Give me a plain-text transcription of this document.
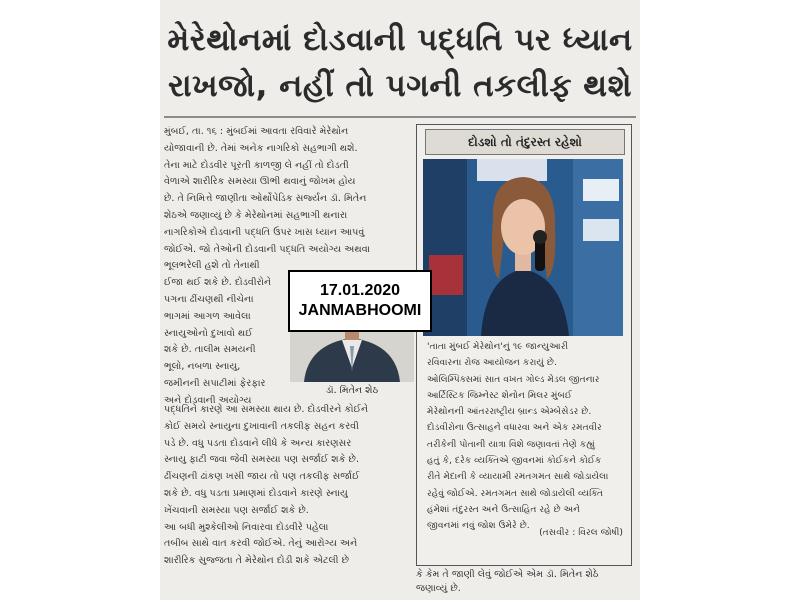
મેરેથોનમાં દોડવાની પદ્ધતિ પર ધ્યાન
રાખજો, નહીં તો પગની તકલીફ થશે
મુંબઈ, તા. ૧૬ : મુંબઈમાં આવતા રવિવારે મેરેથોન
યોજાવાની છે. તેમાં અનેક નાગરિકો સહભાગી થશે.
તેના માટે દોડવીર પૂરતી કાળજી લે નહીં તો દોડતી
વેળાએ શારીરિક સમસ્યા ઊભી થવાનું જોખમ હોય
છે. તે નિમિત્તે જાણીતા ઓર્થોપેડિક સર્જ્યન ડૉ. મિતેન
શેઠએ જણાવ્યું છે કે મેરેથોનમાં સહભાગી થનારા
નાગરિકોએ દોડવાની પદ્ધતિ ઉપર ખાસ ધ્યાન આપવું
જોઈએ. જો તેઓની દોડવાની પદ્ધતિ અયોગ્ય અથવા
ભૂલભરેલી હશે તો તેનાથી
ઈજા થઈ શકે છે. દોડવીરોને
પગના ઢીંચણથી નીચેના
ભાગમાં આગળ આવેલા
સ્નાયુઓનો દુખાવો થઈ
શકે છે. તાલીમ સમયની
ભૂલો, નબળા સ્નાયુ,
જમીનની સપાટીમાં ફેરફાર
અને દોડવાની અયોગ્ય
ડૉ. મિતેન શેઠ
પદ્ધતિને કારણે આ સમસ્યા થાય છે. દોડવીરને કોઈને
કોઈ સમયે સ્નાયુના દુખાવાની તકલીફ સહન કરવી
પડે છે. વધુ પડતા દોડવાને લીધે કે અન્ય કારણસર
સ્નાયુ ફાટી જવા જેવી સમસ્યા પણ સર્જાઈ શકે છે.
ઢીંચણની ઢાંકણ ખસી જાય તો પણ તકલીફ સર્જાઈ
શકે છે. વધુ પડતા પ્રમાણમાં દોડવાને કારણે સ્નાયુ
ખેંચવાની સમસ્યા પણ સર્જાઈ શકે છે.
આ બધી મુશ્કેલીઓ નિવારવા દોડવીરે પહેલા
તબીબ સાથે વાત કરવી જોઈએ. તેનું આરોગ્ય અને
શારીરિક સુજ્જતા તે મેરેથોન દોડી શકે એટલી છે
દોડશો તો તંદુરસ્ત રહેશો
'તાતા મુંબઈ મેરેથોન'નું ૧૯ જાન્યુઆરી
રવિવારના રોજ આયોજન કરાયું છે.
ઓલિમ્પિક્સમાં સાત વખત ગોલ્ડ મેડલ જીતનાર
આર્ટિસ્ટિક જિમ્નેસ્ટ શેનોન મિલર મુંબઈ
મેરેથોનની આંતરરાષ્ટ્રીય બ્રાન્ડ એમ્બેસેડર છે.
દોડવીરોના ઉત્સાહને વધારવા અને એક રમતવીર
તરીકેની પોતાની યાત્રા વિશે જણાવતાં તેણે કહ્યું
હતું કે, દરેક વ્યક્તિએ જીવનમાં કોઈકને કોઈક
રીતે મેદાની કે વ્યાયામી રમતગમત સાથે જોડાયેલા
રહેવું જોઈએ. રમતગમત સાથે જોડાયેલી વ્યક્તિ
હંમેશાં તંદુરસ્ત અને ઉત્સાહિત રહે છે અને
જીવનમાં નવું જોશ ઉમેરે છે.
(તસવીર : વિરલ જોષી)
કે કેમ તે જાણી લેવું જોઈએ એમ ડૉ. મિતેન શેઠે
જણાવ્યું છે.
17.01.2020
JANMABHOOMI
